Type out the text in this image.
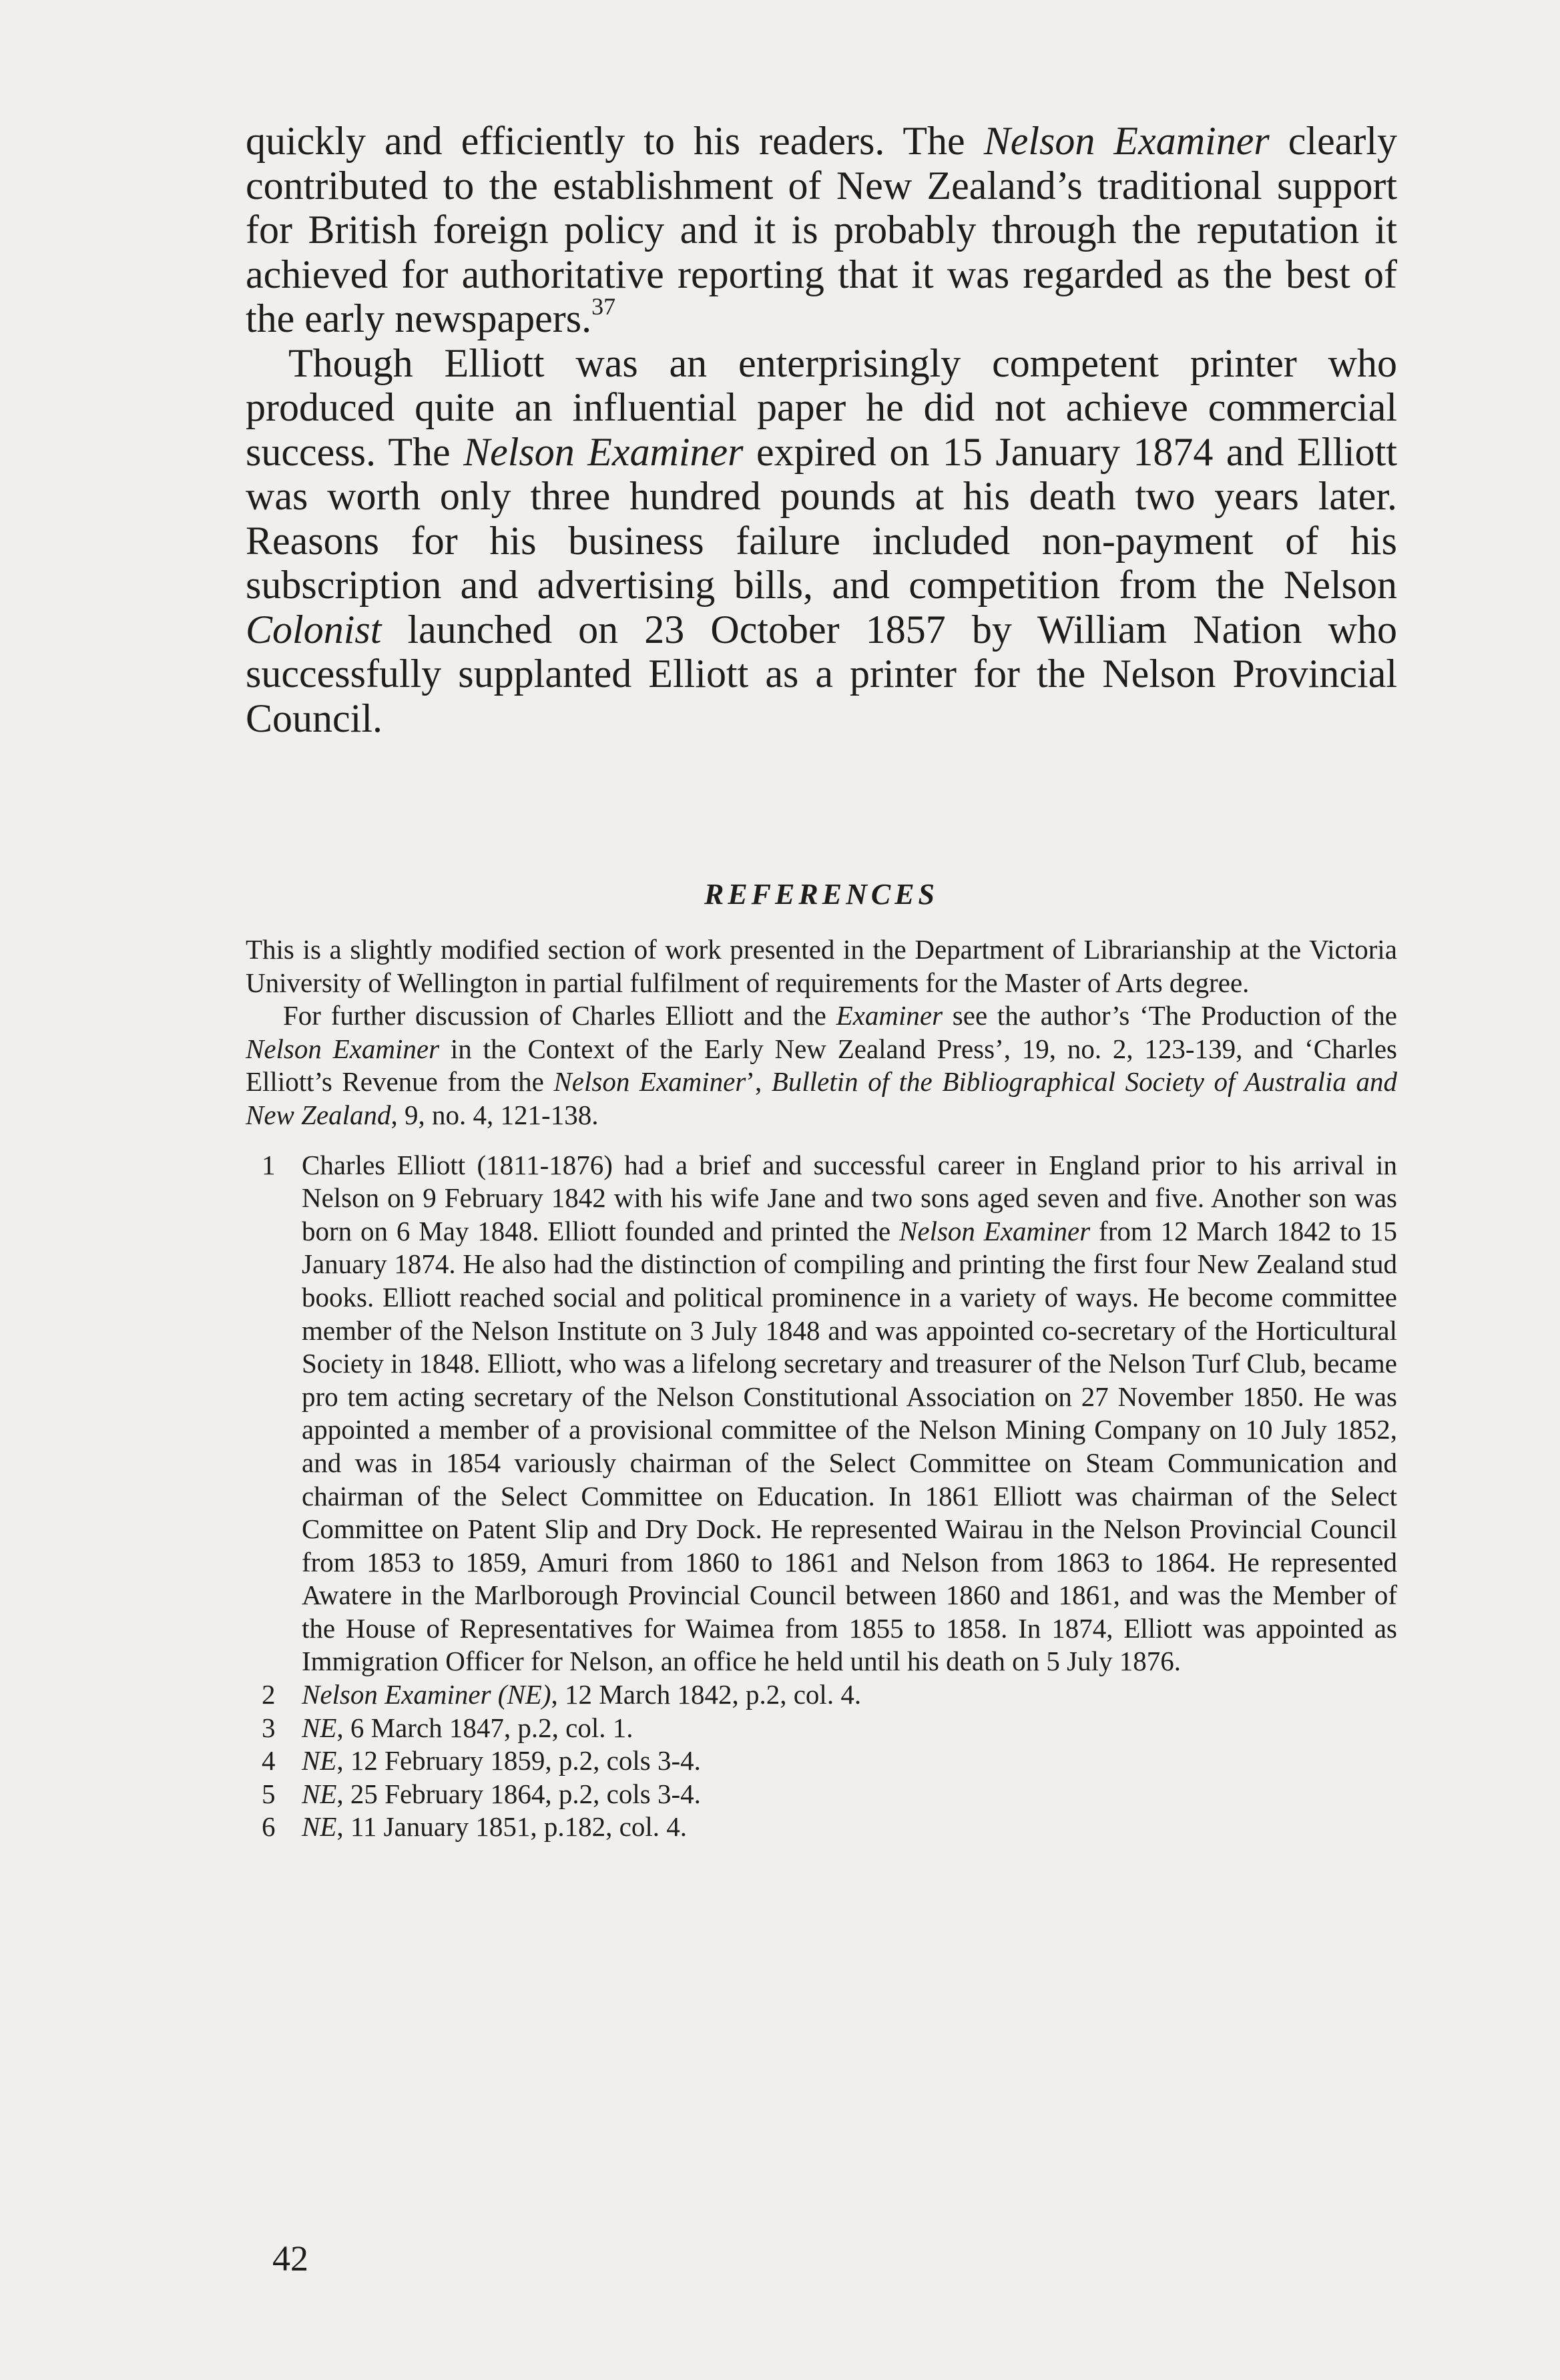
quickly and efficiently to his readers. The Nelson Examiner clearly contributed to the establishment of New Zealand’s traditional support for British foreign policy and it is probably through the reputation it achieved for authoritative reporting that it was regarded as the best of the early newspapers.$^{37}$

Though Elliott was an enterprisingly competent printer who produced quite an influential paper he did not achieve commercial success. The Nelson Examiner expired on 15 January 1874 and Elliott was worth only three hundred pounds at his death two years later. Reasons for his business failure included non-payment of his subscription and advertising bills, and competition from the Nelson Colonist launched on 23 October 1857 by William Nation who successfully supplanted Elliott as a printer for the Nelson Provincial Council.

REFERENCES

This is a slightly modified section of work presented in the Department of Librarianship at the Victoria University of Wellington in partial fulfilment of requirements for the Master of Arts degree.

For further discussion of Charles Elliott and the Examiner see the author’s ‘The Production of the Nelson Examiner in the Context of the Early New Zealand Press’, 19, no. 2, 123-139, and ‘Charles Elliott’s Revenue from the Nelson Examiner’, Bulletin of the Bibliographical Society of Australia and New Zealand, 9, no. 4, 121-138.

1 Charles Elliott (1811-1876) had a brief and successful career in England prior to his arrival in Nelson on 9 February 1842 with his wife Jane and two sons aged seven and five. Another son was born on 6 May 1848. Elliott founded and printed the Nelson Examiner from 12 March 1842 to 15 January 1874. He also had the distinction of compiling and printing the first four New Zealand stud books. Elliott reached social and political prominence in a variety of ways. He become committee member of the Nelson Institute on 3 July 1848 and was appointed co-secretary of the Horticultural Society in 1848. Elliott, who was a lifelong secretary and treasurer of the Nelson Turf Club, became pro tem acting secretary of the Nelson Constitutional Association on 27 November 1850. He was appointed a member of a provisional committee of the Nelson Mining Company on 10 July 1852, and was in 1854 variously chairman of the Select Committee on Steam Communication and chairman of the Select Committee on Education. In 1861 Elliott was chairman of the Select Committee on Patent Slip and Dry Dock. He represented Wairau in the Nelson Provincial Council from 1853 to 1859, Amuri from 1860 to 1861 and Nelson from 1863 to 1864. He represented Awatere in the Marlborough Provincial Council between 1860 and 1861, and was the Member of the House of Representatives for Waimea from 1855 to 1858. In 1874, Elliott was appointed as Immigration Officer for Nelson, an office he held until his death on 5 July 1876.
2 Nelson Examiner (NE), 12 March 1842, p.2, col. 4.
3 NE, 6 March 1847, p.2, col. 1.
4 NE, 12 February 1859, p.2, cols 3-4.
5 NE, 25 February 1864, p.2, cols 3-4.
6 NE, 11 January 1851, p.182, col. 4.

42
